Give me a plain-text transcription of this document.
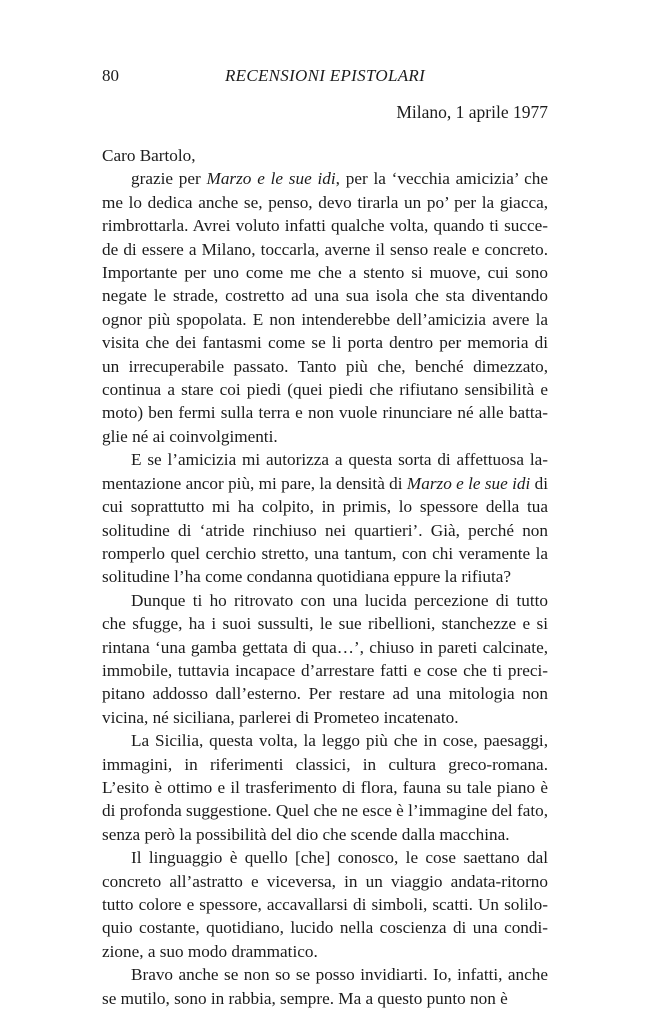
80	RECENSIONI EPISTOLARI
Milano, 1 aprile 1977

Caro Bartolo,

grazie per Marzo e le sue idi, per la ‘vecchia amicizia’ che me lo dedica anche se, penso, devo tirarla un po’ per la giacca, rimbrottarla. Avrei voluto infatti qualche volta, quando ti succede di essere a Milano, toccarla, averne il senso reale e concreto. Importante per uno come me che a stento si muove, cui sono negate le strade, costretto ad una sua isola che sta diventando ognor più spopolata. E non intenderebbe dell’amicizia avere la visita che dei fantasmi come se li porta dentro per memoria di un irrecuperabile passato. Tanto più che, benché dimezzato, continua a stare coi piedi (quei piedi che rifiutano sensibilità e moto) ben fermi sulla terra e non vuole rinunciare né alle battaglie né ai coinvolgimenti.

E se l’amicizia mi autorizza a questa sorta di affettuosa lamentazione ancor più, mi pare, la densità di Marzo e le sue idi di cui soprattutto mi ha colpito, in primis, lo spessore della tua solitudine di ‘atride rinchiuso nei quartieri’. Già, perché non romperlo quel cerchio stretto, una tantum, con chi veramente la solitudine l’ha come condanna quotidiana eppure la rifiuta?

Dunque ti ho ritrovato con una lucida percezione di tutto che sfugge, ha i suoi sussulti, le sue ribellioni, stanchezze e si rintana ‘una gamba gettata di qua…’, chiuso in pareti calcinate, immobile, tuttavia incapace d’arrestare fatti e cose che ti precipitano addosso dall’esterno. Per restare ad una mitologia non vicina, né siciliana, parlerei di Prometeo incatenato.

La Sicilia, questa volta, la leggo più che in cose, paesaggi, immagini, in riferimenti classici, in cultura greco-romana. L’esito è ottimo e il trasferimento di flora, fauna su tale piano è di profonda suggestione. Quel che ne esce è l’immagine del fato, senza però la possibilità del dio che scende dalla macchina.

Il linguaggio è quello [che] conosco, le cose saettano dal concreto all’astratto e viceversa, in un viaggio andata-ritorno tutto colore e spessore, accavallarsi di simboli, scatti. Un soliloquio costante, quotidiano, lucido nella coscienza di una condizione, a suo modo drammatico.

Bravo anche se non so se posso invidiarti. Io, infatti, anche se mutilo, sono in rabbia, sempre. Ma a questo punto non è
